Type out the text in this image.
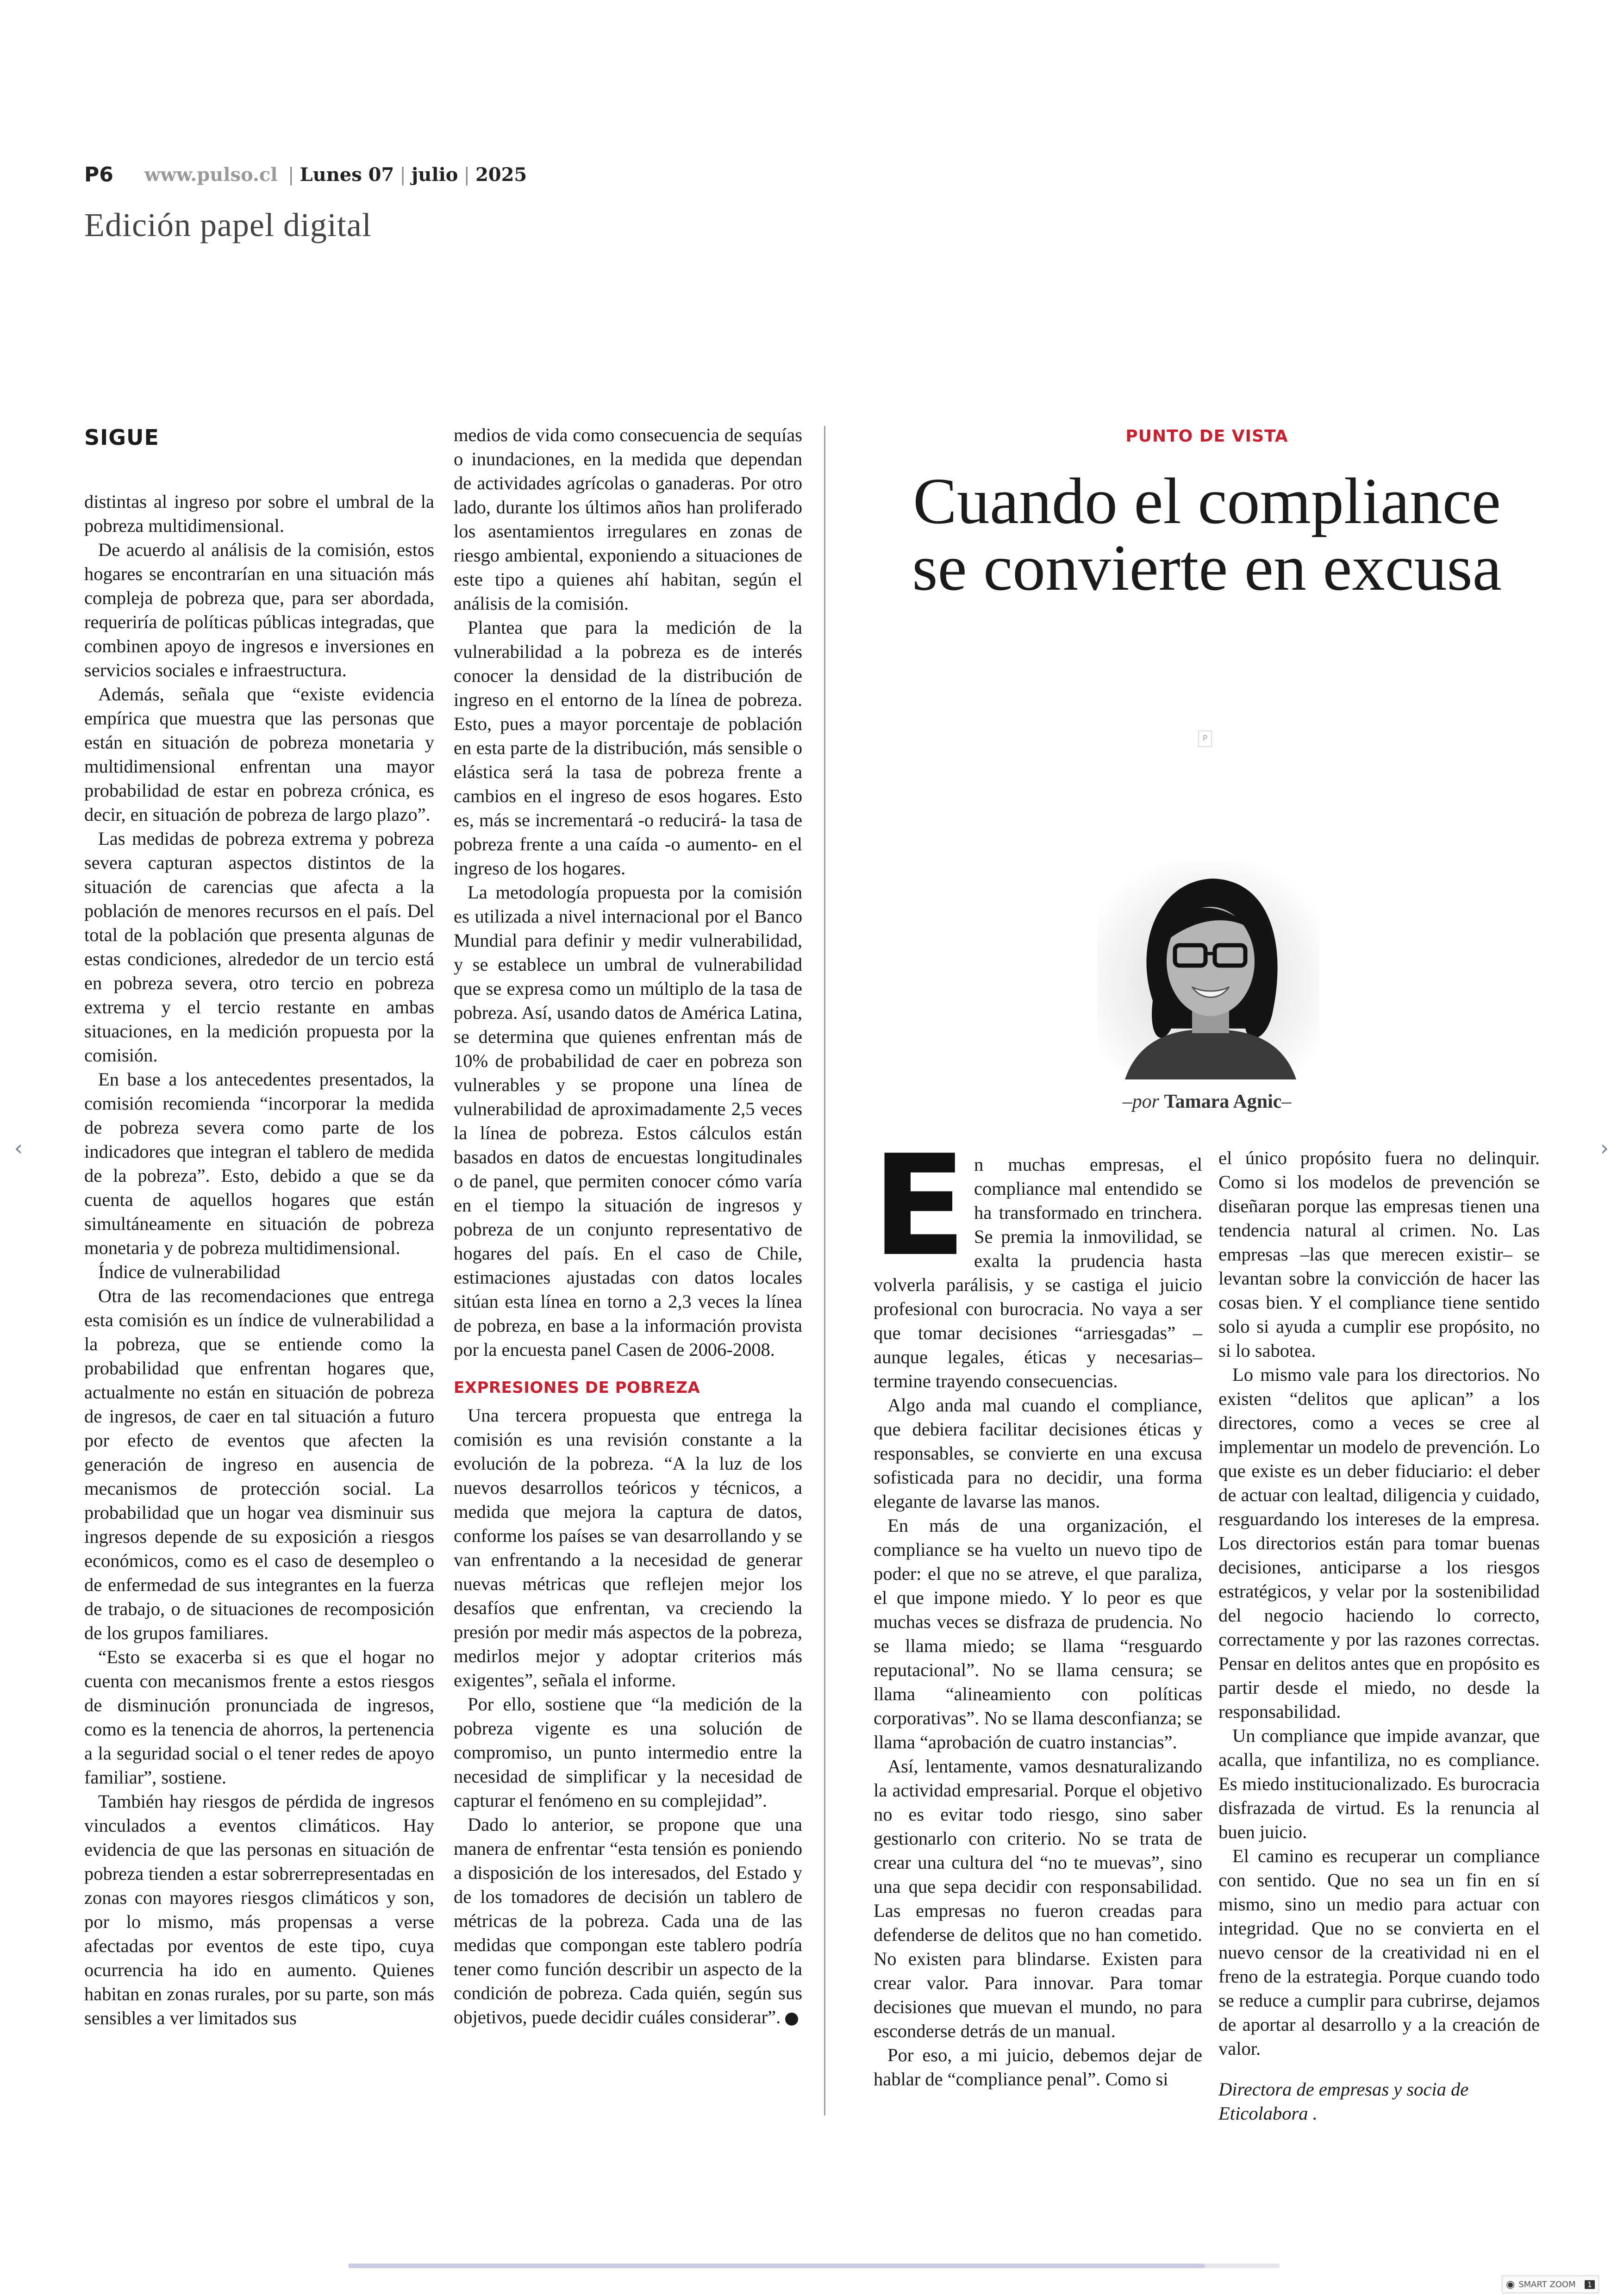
P6 www.pulso.cl | Lunes 07 | julio | 2025
Edición papel digital
SIGUE

distintas al ingreso por sobre el umbral de la pobreza multidimensional.

De acuerdo al análisis de la comisión, estos hogares se encontrarían en una situación más compleja de pobreza que, para ser abordada, requeriría de políticas públicas integradas, que combinen apoyo de ingresos e inversiones en servicios sociales e infraestructura.

Además, señala que “existe evidencia empírica que muestra que las personas que están en situación de pobreza monetaria y multidimensional enfrentan una mayor probabilidad de estar en pobreza crónica, es decir, en situación de pobreza de largo plazo”.

Las medidas de pobreza extrema y pobreza severa capturan aspectos distintos de la situación de carencias que afecta a la población de menores recursos en el país. Del total de la población que presenta algunas de estas condiciones, alrededor de un tercio está en pobreza severa, otro tercio en pobreza extrema y el tercio restante en ambas situaciones, en la medición propuesta por la comisión.

En base a los antecedentes presentados, la comisión recomienda “incorporar la medida de pobreza severa como parte de los indicadores que integran el tablero de medida de la pobreza”. Esto, debido a que se da cuenta de aquellos hogares que están simultáneamente en situación de pobreza monetaria y de pobreza multidimensional.

Índice de vulnerabilidad

Otra de las recomendaciones que entrega esta comisión es un índice de vulnerabilidad a la pobreza, que se entiende como la probabilidad que enfrentan hogares que, actualmente no están en situación de pobreza de ingresos, de caer en tal situación a futuro por efecto de eventos que afecten la generación de ingreso en ausencia de mecanismos de protección social. La probabilidad que un hogar vea disminuir sus ingresos depende de su exposición a riesgos económicos, como es el caso de desempleo o de enfermedad de sus integrantes en la fuerza de trabajo, o de situaciones de recomposición de los grupos familiares.

“Esto se exacerba si es que el hogar no cuenta con mecanismos frente a estos riesgos de disminución pronunciada de ingresos, como es la tenencia de ahorros, la pertenencia a la seguridad social o el tener redes de apoyo familiar”, sostiene.

También hay riesgos de pérdida de ingresos vinculados a eventos climáticos. Hay evidencia de que las personas en situación de pobreza tienden a estar sobrerrepresentadas en zonas con mayores riesgos climáticos y son, por lo mismo, más propensas a verse afectadas por eventos de este tipo, cuya ocurrencia ha ido en aumento. Quienes habitan en zonas rurales, por su parte, son más sensibles a ver limitados sus

medios de vida como consecuencia de sequías o inundaciones, en la medida que dependan de actividades agrícolas o ganaderas. Por otro lado, durante los últimos años han proliferado los asentamientos irregulares en zonas de riesgo ambiental, exponiendo a situaciones de este tipo a quienes ahí habitan, según el análisis de la comisión.

Plantea que para la medición de la vulnerabilidad a la pobreza es de interés conocer la densidad de la distribución de ingreso en el entorno de la línea de pobreza. Esto, pues a mayor porcentaje de población en esta parte de la distribución, más sensible o elástica será la tasa de pobreza frente a cambios en el ingreso de esos hogares. Esto es, más se incrementará -o reducirá- la tasa de pobreza frente a una caída -o aumento- en el ingreso de los hogares.

La metodología propuesta por la comisión es utilizada a nivel internacional por el Banco Mundial para definir y medir vulnerabilidad, y se establece un umbral de vulnerabilidad que se expresa como un múltiplo de la tasa de pobreza. Así, usando datos de América Latina, se determina que quienes enfrentan más de 10% de probabilidad de caer en pobreza son vulnerables y se propone una línea de vulnerabilidad de aproximadamente 2,5 veces la línea de pobreza. Estos cálculos están basados en datos de encuestas longitudinales o de panel, que permiten conocer cómo varía en el tiempo la situación de ingresos y pobreza de un conjunto representativo de hogares del país. En el caso de Chile, estimaciones ajustadas con datos locales sitúan esta línea en torno a 2,3 veces la línea de pobreza, en base a la información provista por la encuesta panel Casen de 2006-2008.

EXPRESIONES DE POBREZA

Una tercera propuesta que entrega la comisión es una revisión constante a la evolución de la pobreza. “A la luz de los nuevos desarrollos teóricos y técnicos, a medida que mejora la captura de datos, conforme los países se van desarrollando y se van enfrentando a la necesidad de generar nuevas métricas que reflejen mejor los desafíos que enfrentan, va creciendo la presión por medir más aspectos de la pobreza, medirlos mejor y adoptar criterios más exigentes”, señala el informe.

Por ello, sostiene que “la medición de la pobreza vigente es una solución de compromiso, un punto intermedio entre la necesidad de simplificar y la necesidad de capturar el fenómeno en su complejidad”.

Dado lo anterior, se propone que una manera de enfrentar “esta tensión es poniendo a disposición de los interesados, del Estado y de los tomadores de decisión un tablero de métricas de la pobreza. Cada una de las medidas que compongan este tablero podría tener como función describir un aspecto de la condición de pobreza. Cada quién, según sus objetivos, puede decidir cuáles considerar”. P

PUNTO DE VISTA
Cuando el compliance
se convierte en excusa
P
–por Tamara Agnic–

En muchas empresas, el compliance mal entendido se ha transformado en trinchera. Se premia la inmovilidad, se exalta la prudencia hasta volverla parálisis, y se castiga el juicio profesional con burocracia. No vaya a ser que tomar decisiones “arriesgadas” –aunque legales, éticas y necesarias– termine trayendo consecuencias.

Algo anda mal cuando el compliance, que debiera facilitar decisiones éticas y responsables, se convierte en una excusa sofisticada para no decidir, una forma elegante de lavarse las manos.

En más de una organización, el compliance se ha vuelto un nuevo tipo de poder: el que no se atreve, el que paraliza, el que impone miedo. Y lo peor es que muchas veces se disfraza de prudencia. No se llama miedo; se llama “resguardo reputacional”. No se llama censura; se llama “alineamiento con políticas corporativas”. No se llama desconfianza; se llama “aprobación de cuatro instancias”.

Así, lentamente, vamos desnaturalizando la actividad empresarial. Porque el objetivo no es evitar todo riesgo, sino saber gestionarlo con criterio. No se trata de crear una cultura del “no te muevas”, sino una que sepa decidir con responsabilidad. Las empresas no fueron creadas para defenderse de delitos que no han cometido. No existen para blindarse. Existen para crear valor. Para innovar. Para tomar decisiones que muevan el mundo, no para esconderse detrás de un manual.

Por eso, a mi juicio, debemos dejar de hablar de “compliance penal”. Como si

el único propósito fuera no delinquir. Como si los modelos de prevención se diseñaran porque las empresas tienen una tendencia natural al crimen. No. Las empresas –las que merecen existir– se levantan sobre la convicción de hacer las cosas bien. Y el compliance tiene sentido solo si ayuda a cumplir ese propósito, no si lo sabotea.

Lo mismo vale para los directorios. No existen “delitos que aplican” a los directores, como a veces se cree al implementar un modelo de prevención. Lo que existe es un deber fiduciario: el deber de actuar con lealtad, diligencia y cuidado, resguardando los intereses de la empresa. Los directorios están para tomar buenas decisiones, anticiparse a los riesgos estratégicos, y velar por la sostenibilidad del negocio haciendo lo correcto, correctamente y por las razones correctas. Pensar en delitos antes que en propósito es partir desde el miedo, no desde la responsabilidad.

Un compliance que impide avanzar, que acalla, que infantiliza, no es compliance. Es miedo institucionalizado. Es burocracia disfrazada de virtud. Es la renuncia al buen juicio.

El camino es recuperar un compliance con sentido. Que no sea un fin en sí mismo, sino un medio para actuar con integridad. Que no se convierta en el nuevo censor de la creatividad ni en el freno de la estrategia. Porque cuando todo se reduce a cumplir para cubrirse, dejamos de aportar al desarrollo y a la creación de valor.

Directora de empresas y socia de Eticolabora .

‹	›
◉ SMART ZOOM	1
